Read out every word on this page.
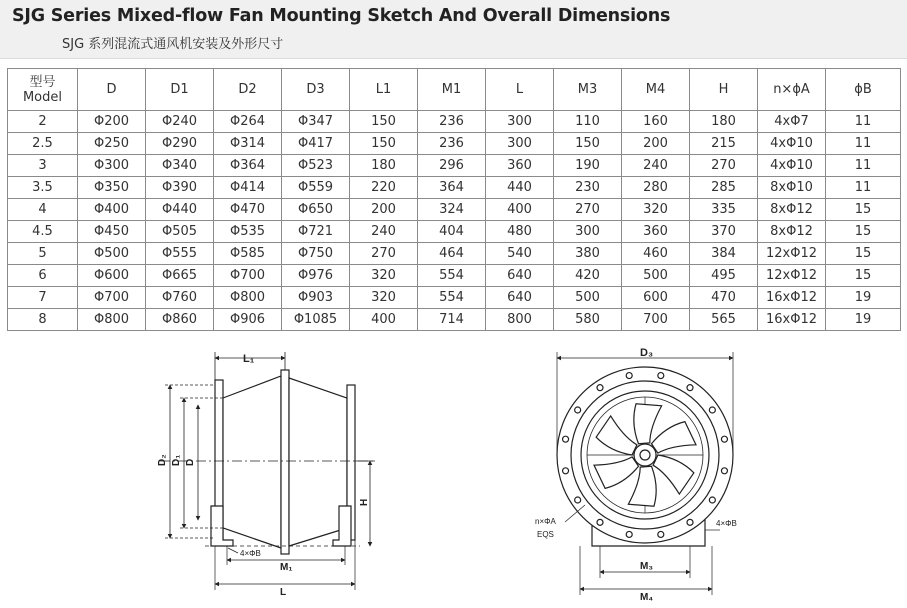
SJG Series Mixed-flow Fan Mounting Sketch And Overall Dimensions
SJG 系列混流式通风机安装及外形尺寸
型号
Model	D	D1	D2	D3	L1	M1	L	M3	M4	H	n×ϕA	ϕB
2	Φ200	Φ240	Φ264	Φ347	150	236	300	110	160	180	4xΦ7	11
2.5	Φ250	Φ290	Φ314	Φ417	150	236	300	150	200	215	4xΦ10	11
3	Φ300	Φ340	Φ364	Φ523	180	296	360	190	240	270	4xΦ10	11
3.5	Φ350	Φ390	Φ414	Φ559	220	364	440	230	280	285	8xΦ10	11
4	Φ400	Φ440	Φ470	Φ650	200	324	400	270	320	335	8xΦ12	15
4.5	Φ450	Φ505	Φ535	Φ721	240	404	480	300	360	370	8xΦ12	15
5	Φ500	Φ555	Φ585	Φ750	270	464	540	380	460	384	12xΦ12	15
6	Φ600	Φ665	Φ700	Φ976	320	554	640	420	500	495	12xΦ12	15
7	Φ700	Φ760	Φ800	Φ903	320	554	640	500	600	470	16xΦ12	19
8	Φ800	Φ860	Φ906	Φ1085	400	714	800	580	700	565	16xΦ12	19
L₁
D₂ D₁ D
H
4×ΦB
M₁
L
D₃
n×ΦA
EQS
4×ΦB
M₃
M₄
